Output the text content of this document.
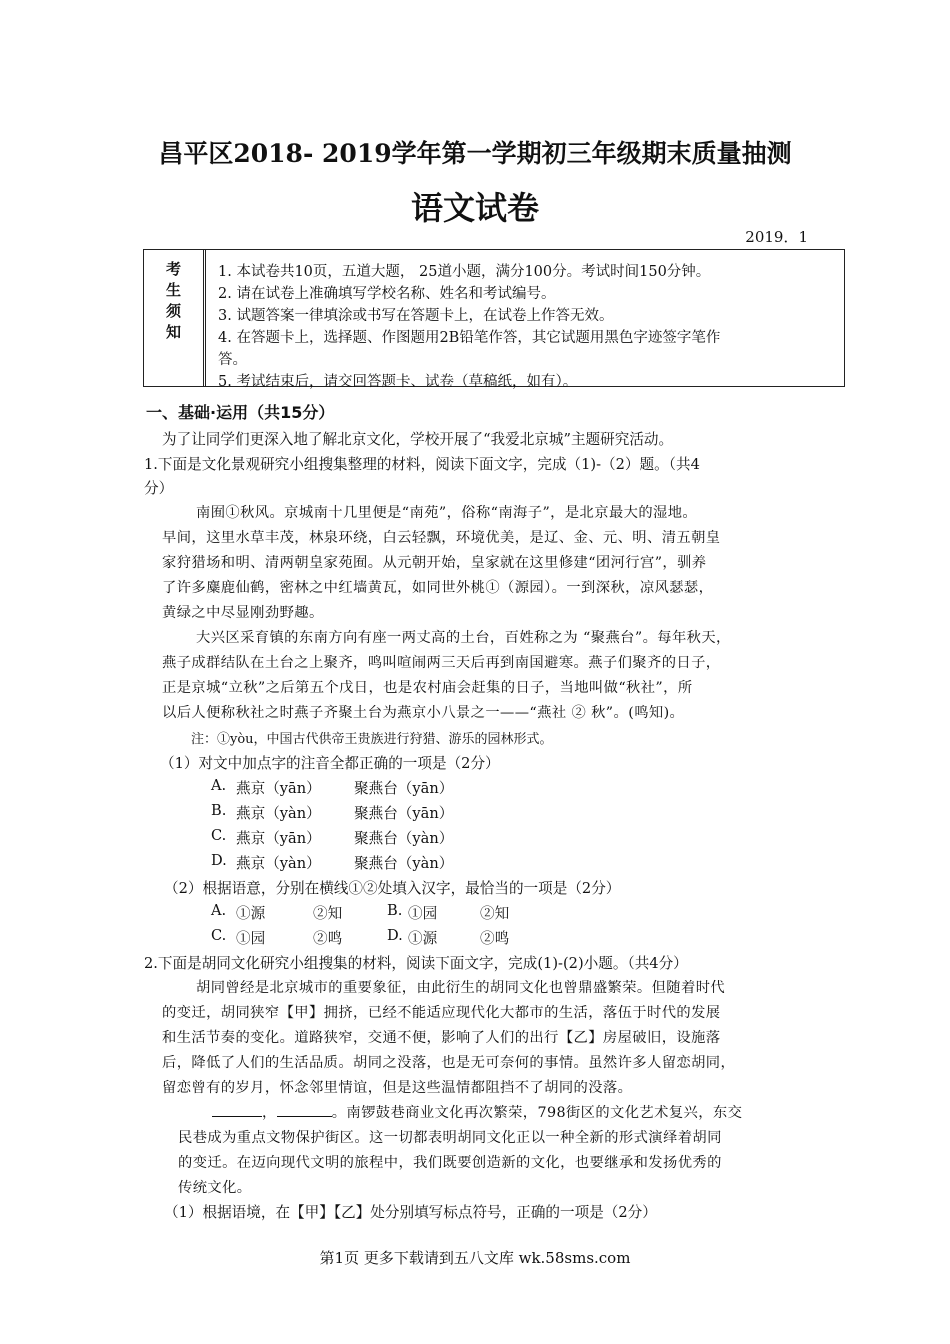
昌平区2018- 2019学年第一学期初三年级期末质量抽测
语文试卷
2019．1
考
生
须
知
1. 本试卷共10页，五道大题， 25道小题，满分100分。考试时间150分钟。
2. 请在试卷上准确填写学校名称、姓名和考试编号。
3. 试题答案一律填涂或书写在答题卡上，在试卷上作答无效。
4. 在答题卡上，选择题、作图题用2B铅笔作答，其它试题用黑色字迹签字笔作
答。
5. 考试结束后，请交回答题卡、试卷（草稿纸，如有）。
一、基础·运用（共15分）
为了让同学们更深入地了解北京文化，学校开展了“我爱北京城”主题研究活动。
1.下面是文化景观研究小组搜集整理的材料，阅读下面文字，完成（1)-（2）题。（共4
分）
南囿①秋风。京城南十几里便是“南苑”，俗称“南海子”，是北京最大的湿地。
早间，这里水草丰茂，林泉环绕，白云轻飘，环境优美，是辽、金、元、明、清五朝皇
家狩猎场和明、清两朝皇家苑囿。从元朝开始，皇家就在这里修建“团河行宫”，驯养
了许多麋鹿仙鹤，密林之中红墙黄瓦，如同世外桃①（源园）。一到深秋，凉风瑟瑟，
黄绿之中尽显刚劲野趣。
大兴区采育镇的东南方向有座一两丈高的土台，百姓称之为 “聚燕台”。每年秋天，
燕子成群结队在土台之上聚齐，鸣叫喧闹两三天后再到南国避寒。燕子们聚齐的日子，
正是京城“立秋”之后第五个戊日，也是农村庙会赶集的日子，当地叫做“秋社”，所
以后人便称秋社之时燕子齐聚土台为燕京小八景之一——“燕社 ② 秋”。(鸣知)。
注：①yòu，中国古代供帝王贵族进行狩猎、游乐的园林形式。
（1）对文中加点字的注音全都正确的一项是（2分）
A. 燕京（yān） 聚燕台（yān）
B. 燕京（yàn） 聚燕台（yān）
C. 燕京（yān） 聚燕台（yàn）
D. 燕京（yàn） 聚燕台（yàn）
（2）根据语意，分别在横线①②处填入汉字，最恰当的一项是（2分）
A. ①源	②知	B. ①园	②知
C. ①园	②鸣	D. ①源	②鸣
2.下面是胡同文化研究小组搜集的材料，阅读下面文字，完成(1)-(2)小题。（共4分）
胡同曾经是北京城市的重要象征，由此衍生的胡同文化也曾鼎盛繁荣。但随着时代
的变迁，胡同狭窄【甲】拥挤，已经不能适应现代化大都市的生活，落伍于时代的发展
和生活节奏的变化。道路狭窄，交通不便，影响了人们的出行【乙】房屋破旧，设施落
后，降低了人们的生活品质。胡同之没落，也是无可奈何的事情。虽然许多人留恋胡同，
留恋曾有的岁月，怀念邻里情谊，但是这些温情都阻挡不了胡同的没落。
，	。南锣鼓巷商业文化再次繁荣，798街区的文化艺术复兴，东交
民巷成为重点文物保护街区。这一切都表明胡同文化正以一种全新的形式演绎着胡同
的变迁。在迈向现代文明的旅程中，我们既要创造新的文化，也要继承和发扬优秀的
传统文化。
（1）根据语境，在【甲】【乙】处分别填写标点符号，正确的一项是（2分）
第1页 更多下载请到五八文库 wk.58sms.com
